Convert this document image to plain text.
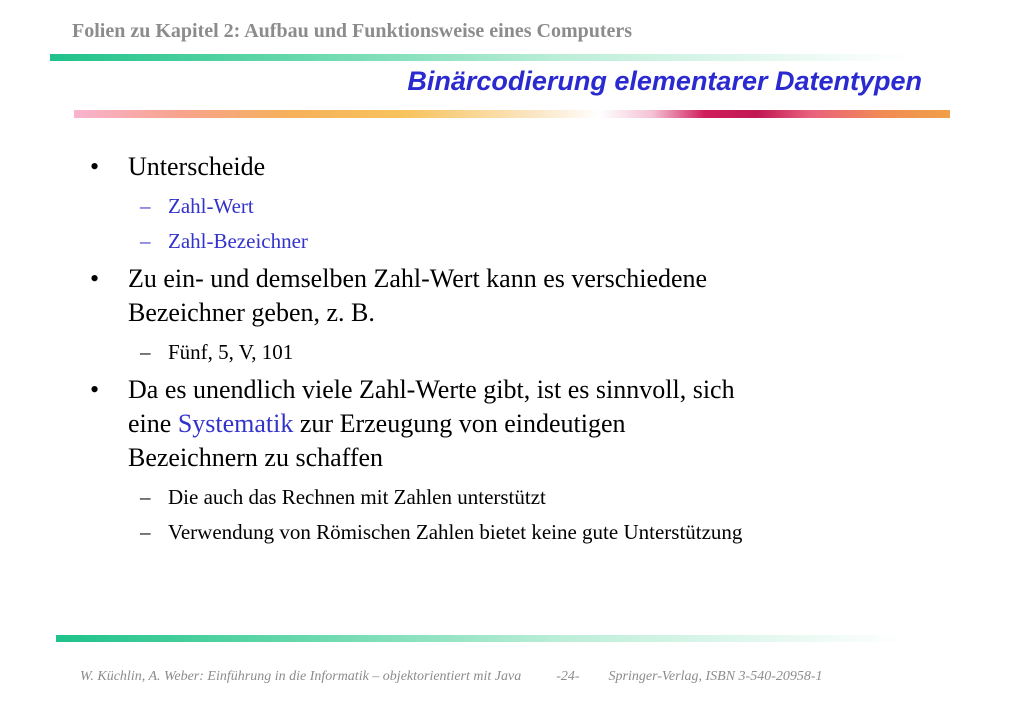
Folien zu Kapitel 2: Aufbau und Funktionsweise eines Computers
Binärcodierung elementarer Datentypen
• Unterscheide
– Zahl-Wert
– Zahl-Bezeichner
• Zu ein- und demselben Zahl-Wert kann es verschiedene
Bezeichner geben, z. B.
– Fünf, 5, V, 101
• Da es unendlich viele Zahl-Werte gibt, ist es sinnvoll, sich
eine Systematik zur Erzeugung von eindeutigen
Bezeichnern zu schaffen
– Die auch das Rechnen mit Zahlen unterstützt
– Verwendung von Römischen Zahlen bietet keine gute Unterstützung
W. Küchlin, A. Weber: Einführung in die Informatik – objektorientiert mit Java	-24- Springer-Verlag, ISBN 3-540-20958-1
